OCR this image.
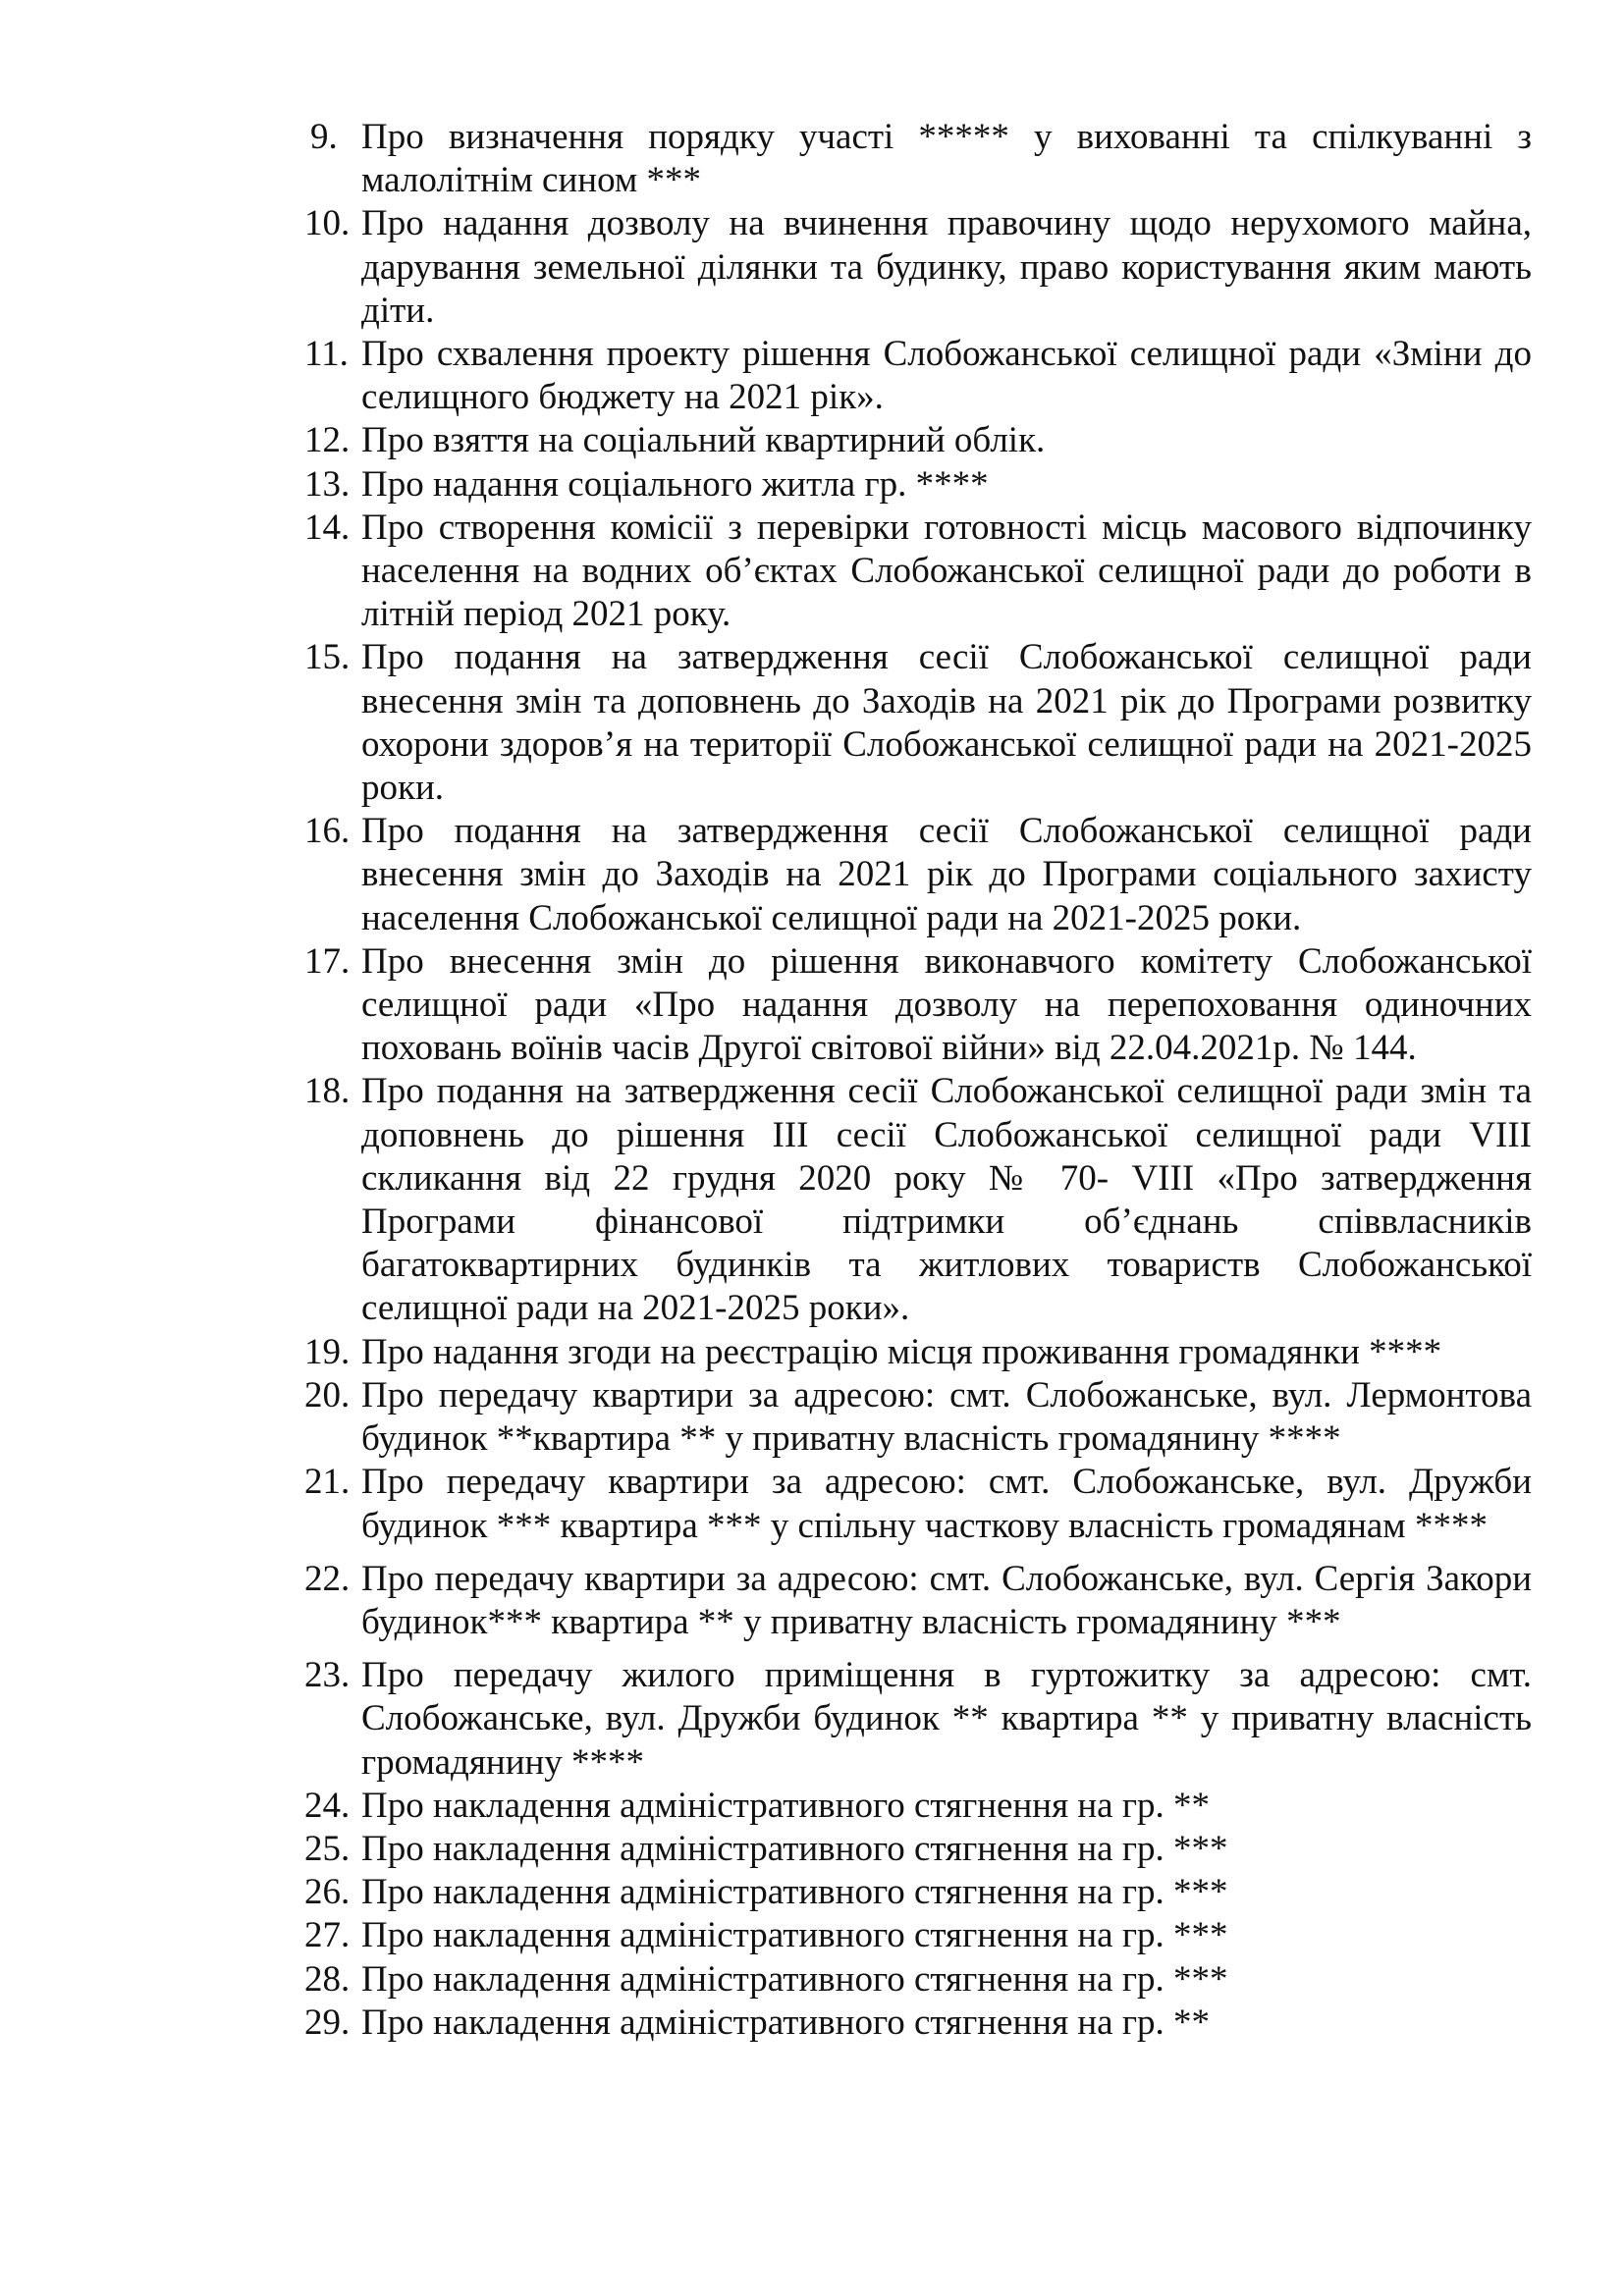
9. Про визначення порядку участі ***** у вихованні та спілкуванні з малолітнім сином ***
10. Про надання дозволу на вчинення правочину щодо нерухомого майна, дарування земельної ділянки та будинку, право користування яким мають діти.
11. Про схвалення проекту рішення Слобожанської селищної ради «Зміни до селищного бюджету на 2021 рік».
12. Про взяття на соціальний квартирний облік.
13. Про надання соціального житла гр. ****
14. Про створення комісії з перевірки готовності місць масового відпочинку населення на водних об’єктах Слобожанської селищної ради до роботи в літній період 2021 року.
15. Про подання на затвердження сесії Слобожанської селищної ради внесення змін та доповнень до Заходів на 2021 рік до Програми розвитку охорони здоров’я на території Слобожанської селищної ради на 2021-2025 роки.
16. Про подання на затвердження сесії Слобожанської селищної ради внесення змін до Заходів на 2021 рік до Програми соціального захисту населення Слобожанської селищної ради на 2021-2025 роки.
17. Про внесення змін до рішення виконавчого комітету Слобожанської селищної ради «Про надання дозволу на перепоховання одиночних поховань воїнів часів Другої світової війни» від 22.04.2021р. № 144.
18. Про подання на затвердження сесії Слобожанської селищної ради змін та доповнень до рішення ІІІ сесії Слобожанської селищної ради VIII скликання від 22 грудня 2020 року № 70- VIII «Про затвердження Програми фінансової підтримки об’єднань співвласників багатоквартирних будинків та житлових товариств Слобожанської селищної ради на 2021-2025 роки».
19. Про надання згоди на реєстрацію місця проживання громадянки ****
20. Про передачу квартири за адресою: смт. Слобожанське, вул. Лермонтова будинок **квартира ** у приватну власність громадянину ****
21. Про передачу квартири за адресою: смт. Слобожанське, вул. Дружби будинок *** квартира *** у спільну часткову власність громадянам ****
22. Про передачу квартири за адресою: смт. Слобожанське, вул. Сергія Закори будинок*** квартира ** у приватну власність громадянину ***
23. Про передачу жилого приміщення в гуртожитку за адресою: смт. Слобожанське, вул. Дружби будинок ** квартира ** у приватну власність громадянину ****
24. Про накладення адміністративного стягнення на гр. **
25. Про накладення адміністративного стягнення на гр. ***
26. Про накладення адміністративного стягнення на гр. ***
27. Про накладення адміністративного стягнення на гр. ***
28. Про накладення адміністративного стягнення на гр. ***
29. Про накладення адміністративного стягнення на гр. **
